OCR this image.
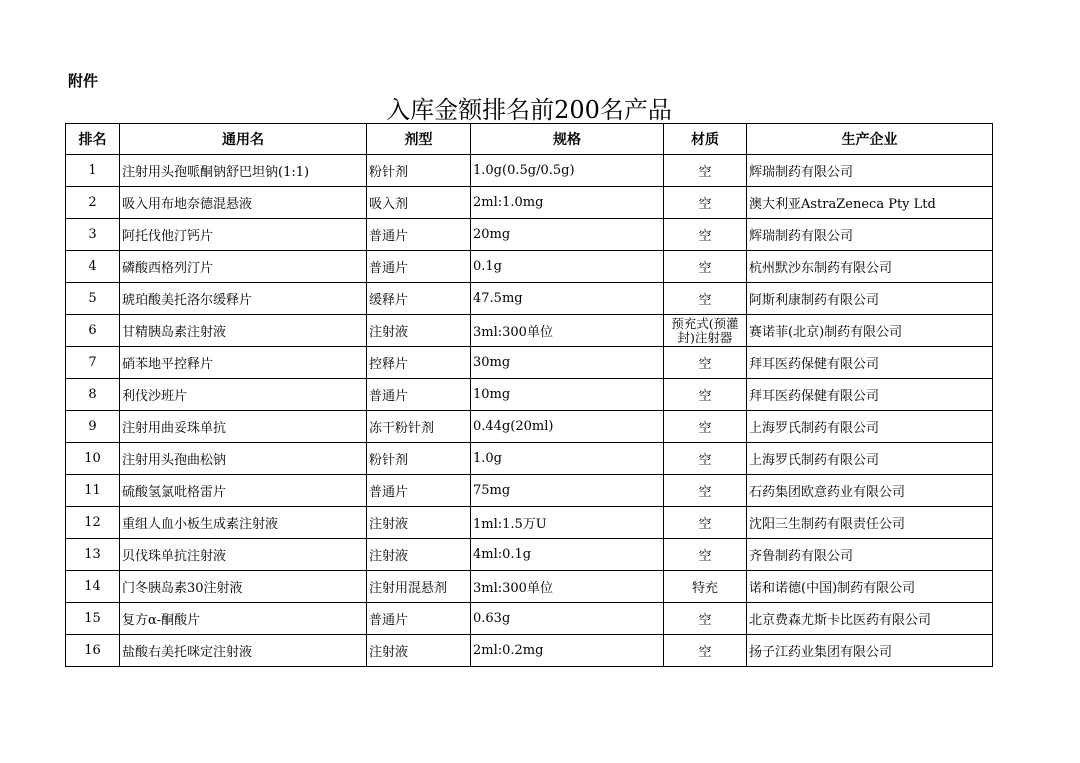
附件
入库金额排名前200名产品
排名	通用名	剂型	规格	材质	生产企业
1	注射用头孢哌酮钠舒巴坦钠(1:1)	粉针剂	1.0g(0.5g/0.5g)	空	辉瑞制药有限公司
2	吸入用布地奈德混悬液	吸入剂	2ml:1.0mg	空	澳大利亚AstraZeneca Pty Ltd
3	阿托伐他汀钙片	普通片	20mg	空	辉瑞制药有限公司
4	磷酸西格列汀片	普通片	0.1g	空	杭州默沙东制药有限公司
5	琥珀酸美托洛尔缓释片	缓释片	47.5mg	空	阿斯利康制药有限公司
6	甘精胰岛素注射液	注射液	3ml:300单位	预充式(预灌封)注射器	赛诺菲(北京)制药有限公司
7	硝苯地平控释片	控释片	30mg	空	拜耳医药保健有限公司
8	利伐沙班片	普通片	10mg	空	拜耳医药保健有限公司
9	注射用曲妥珠单抗	冻干粉针剂	0.44g(20ml)	空	上海罗氏制药有限公司
10	注射用头孢曲松钠	粉针剂	1.0g	空	上海罗氏制药有限公司
11	硫酸氢氯吡格雷片	普通片	75mg	空	石药集团欧意药业有限公司
12	重组人血小板生成素注射液	注射液	1ml:1.5万U	空	沈阳三生制药有限责任公司
13	贝伐珠单抗注射液	注射液	4ml:0.1g	空	齐鲁制药有限公司
14	门冬胰岛素30注射液	注射用混悬剂	3ml:300单位	特充	诺和诺德(中国)制药有限公司
15	复方α-酮酸片	普通片	0.63g	空	北京费森尤斯卡比医药有限公司
16	盐酸右美托咪定注射液	注射液	2ml:0.2mg	空	扬子江药业集团有限公司
